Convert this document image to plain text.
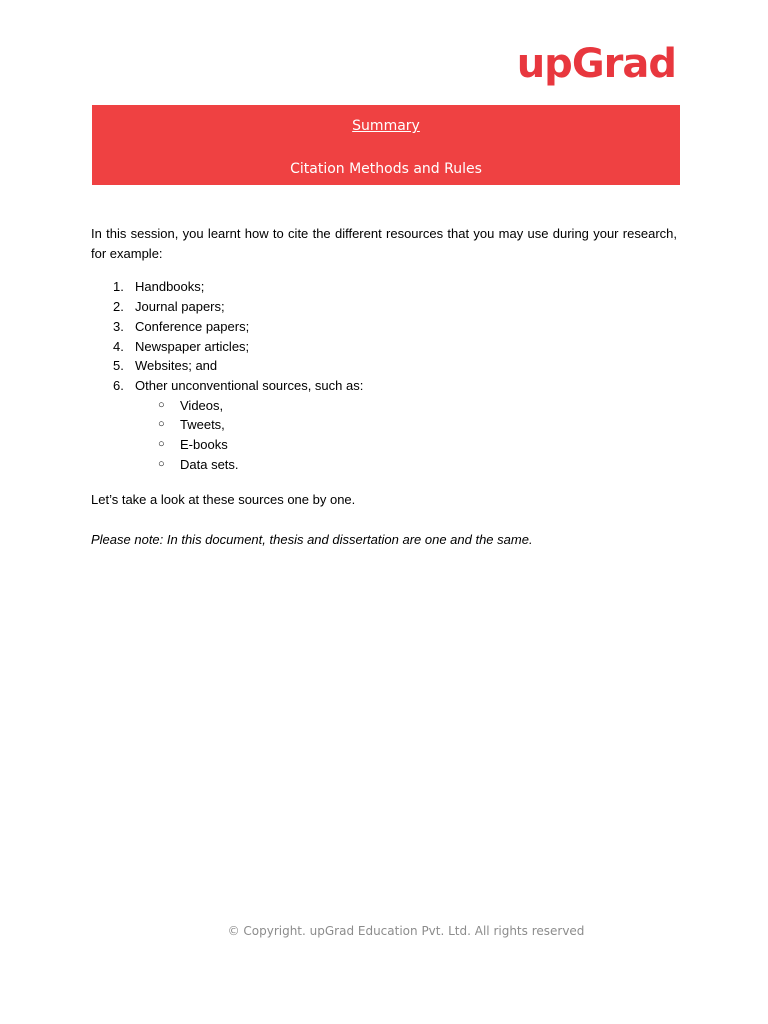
upGrad
Summary
Citation Methods and Rules

In this session, you learnt how to cite the different resources that you may use during your research, for example:

1. Handbooks;
2. Journal papers;
3. Conference papers;
4. Newspaper articles;
5. Websites; and
6. Other unconventional sources, such as:
○ Videos,
○ Tweets,
○ E-books
○ Data sets.

Let’s take a look at these sources one by one.

Please note: In this document, thesis and dissertation are one and the same.

© Copyright. upGrad Education Pvt. Ltd. All rights reserved
